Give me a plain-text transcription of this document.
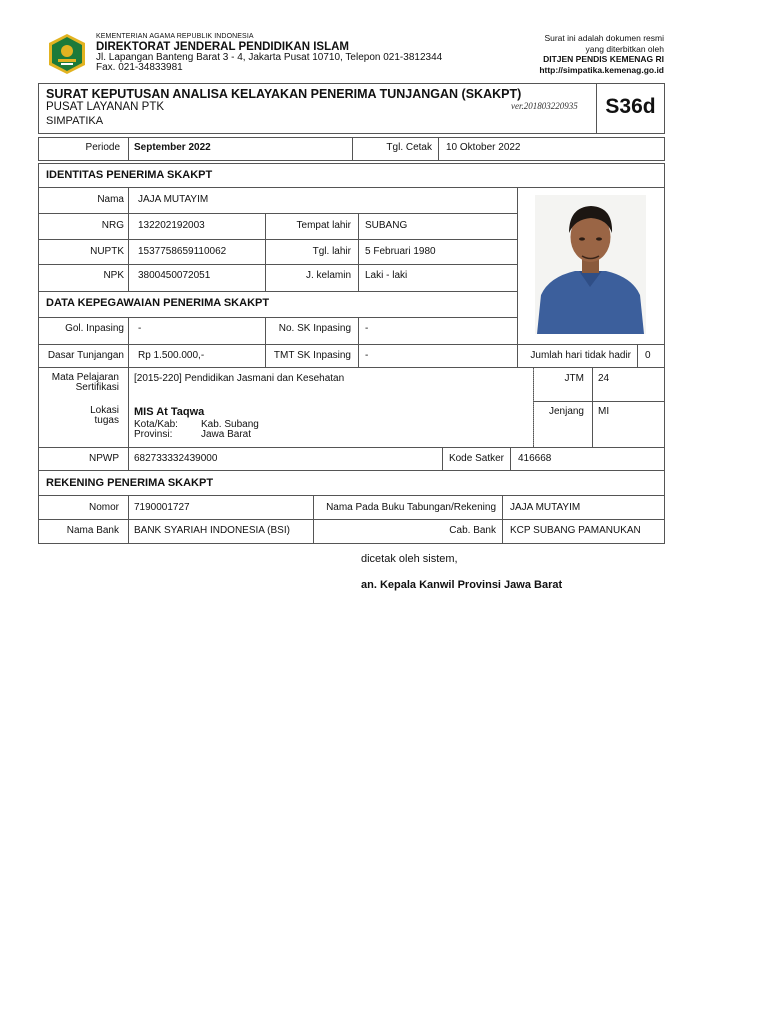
KEMENTERIAN AGAMA REPUBLIK INDONESIA
DIREKTORAT JENDERAL PENDIDIKAN ISLAM
Jl. Lapangan Banteng Barat 3 - 4, Jakarta Pusat 10710, Telepon 021-3812344
Fax. 021-34833981
Surat ini adalah dokumen resmi
yang diterbitkan oleh
DITJEN PENDIS KEMENAG RI
http://simpatika.kemenag.go.id
SURAT KEPUTUSAN ANALISA KELAYAKAN PENERIMA TUNJANGAN (SKAKPT)
PUSAT LAYANAN PTK
SIMPATIKA
ver.201803220935	S36d
Periode September 2022	Tgl. Cetak 10 Oktober 2022
IDENTITAS PENERIMA SKAKPT
Nama JAJA MUTAYIM
NRG 132202192003	Tempat lahir SUBANG
NUPTK 1537758659110062	Tgl. lahir 5 Februari 1980
NPK 3800450072051	J. kelamin Laki - laki
DATA KEPEGAWAIAN PENERIMA SKAKPT
Gol. Inpasing -	No. SK Inpasing -
Dasar Tunjangan Rp 1.500.000,-	TMT SK Inpasing -	Jumlah hari tidak hadir 0
Mata Pelajaran
Sertifikasi
[2015-220] Pendidikan Jasmani dan Kesehatan	JTM 24
Lokasi
tugas
MIS At Taqwa
Kota/Kab: Kab. Subang
Provinsi:	Jawa Barat
Jenjang MI
NPWP 682733332439000	Kode Satker 416668
REKENING PENERIMA SKAKPT
Nomor 7190001727	Nama Pada Buku Tabungan/Rekening JAJA MUTAYIM
Nama Bank BANK SYARIAH INDONESIA (BSI)	Cab. Bank KCP SUBANG PAMANUKAN
dicetak oleh sistem,
an. Kepala Kanwil Provinsi Jawa Barat
